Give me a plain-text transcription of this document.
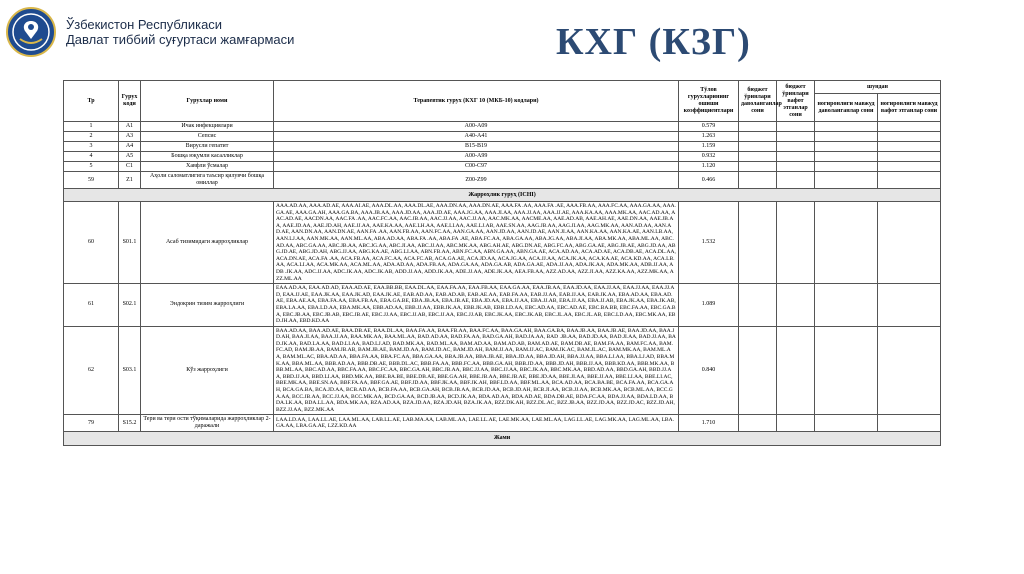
Ўзбекистон Республикаси
Давлат тиббий суғуртаси жамғармаси	КХГ (КЗГ)
Тр	Гурух коди	Гурухлар номи	Терапевтик гурух (КХГ 10 (МКБ-10) кодлари)	Тўлов гурухларининг ошиши коэффициентлари	бюджет ўринлари даволанганлар сони	бюджет ўринлари вафот этганлар сони	шундан	
							ногиронлиги мавжуд даволанганлар сони	ногиронлиги мавжуд вафот этганлар сони
1	A1	Ичак инфекциялари	A00-A09	0.579				
2	A3	Сепсис	A40-A41	1.263				
3	A4	Вирусли гепатит	B15-B19	1.159				
4	A5	Бошқа юқумли касалликлар	A00-A99	0.932				
5	C1	Хавфли ўсмалар	C00-C97	1.120				
59	Z1	Аҳоли саломатлигига таъсир қилувчи бошқа омиллар	Z00-Z99	0.466				
Жарроҳлик гуруҳ (ICHI)								
60	S01.1	Асаб тизимидаги жарроҳликлар	AAA.AD.AA, AAA.AD.AE, AAA.AI.AE, AAA.DL.AA, AAA.DL.AE, AAA.DN.AA, AAA.DN.AE, AAA.FA .AA, AAA.FA .AE, AAA.FB.AA, AAA.FC.AA, AAA.GA.AA, AAA.GA.AE, AAA.GA.AH, AAA.GA.BA, AAA.JB.AA, AAA.JD.AA, AAA.JD.AE, AAA.JG.AA, AAA.JI.AA, AAA.JJ.AA, AAA.JJ.AE, AAA.KA.AA, AAA.MK.AA, AAC.AD.AA, AAC.AD.AE, AACDN.AA, AAC.FA .AA, AAC.FC.AA, AAC.JB.AA, AAC.JJ.AA, AAC.JJ.AA, AAC.MK.AA, AACME.AA, AAE.AD.AB, AAE.AH.AE, AAE.DN.AA, AAE.JB.AA, AAE.JD.AA, AAE.JD.AH, AAE.JJ.AA, AAE.KA.AA, AAE.LH.AA, AAE.LI.AA, AAE.LJ.AB, AAE.SN.AA, AAG.JB.AA, AAG.JI.AA, AAG.MK.AA, AAN.AD.AA, AAN.AD.AE, AAN.DN.AA, AAN.DN.AE, AAN.FA .AA, AAN.FB.AA, AAN.FC.AA, AAN.GA.AA, AAN.JD.AA, AAN.JD.AE, AAN.JI.AA, AAN.KA.AA, AAN.KA.AE, AAN.LB.AA, AAN.LJ.AA, AAN.MK.AA, AAN.ML.AA, ABA.AD.AA, ABA.FA .AA, ABA.FA .AE, ABA.FC.AA, ABA.GA.AA, ABA.JG.AA, ABA.JI.AA, ABA.MK.AA, ABA.ML.AA, ABC.AD.AA, ABC.GA.AA, ABC.JB.AA, ABC.JG.AA, ABC.JI.AA, ABC.JJ.AA, ABC.MK.AA, ABG.AH.AE, ABG.DN.AE, ABG.FC.AA, ABG.GA.AE, ABG.JB.AE, ABG.JD.AA, ABG.JD.AE, ABG.JD.AH, ABG.JJ.AA, ABG.KA.AE, ABG.LI.AA, ABN.FB.AA, ABN.FC.AA, ABN.GA.AA, ABN.GA.AE, ACA.AD.AA, ACA.AD.AE, ACA.DB.AE, ACA.DL.AA, ACA.DN.AE, ACA.FA .AA, ACA.FB.AA, ACA.FC.AA, ACA.FC.AB, ACA.GA.AE, ACA.JD.AA, ACA.JG.AA, ACA.JJ.AA, ACA.JK.AA, ACA.KA.AE, ACA.KD.AA, ACA.LB.AA, ACA.LI.AA, ACA.MK.AA, ACA.ML.AA, ADA.AD.AA, ADA.FB.AA, ADA.GA.AA, ADA.GA.AB, ADA.GA.AE, ADA.JJ.AA, ADA.JK.AA, ADA.MK.AA, ADB.JJ.AA, ADB .JK.AA, ADC.JJ.AA, ADC.JK.AA, ADC.JK.AB, ADD.JJ.AA, ADD.JK.AA, ADE.JJ.AA, ADE.JK.AA, AEA.FB.AA, AZZ.AD.AA, AZZ.JI.AA, AZZ.KA.AA, AZZ.MK.AA, AZZ.ML.AA	1.532				
61	S02.1	Эндокрин тизим жарроҳлиги	EAA.AD.AA, EAA.AD.AD, EAA.AD.AE, EAA.BB.BB, EAA.DL.AA, EAA.FA.AA, EAA.FB.AA, EAA.GA.AA, EAA.JB.AA, EAA.JD.AA, EAA.JJ.AA, EAA.JJ.AA, EAA.JJ.AD, EAA.JJ.AE, EAA.JK.AA, EAA.JK.AD, EAA.JK.AE, EAB.AD.AA, EAB.AD.AB, EAB.AE.AA, EAB.FA.AA, EAB.JJ.AA, EAB.JJ.AA, EAB.JK.AA, EBA.AD.AA, EBA.AD.AE, EBA.AE.AA, EBA.FA.AA, EBA.FB.AA, EBA.GA.BE, EBA.JB.AA, EBA.JB.AE, EBA.JD.AA, EBA.JJ.AA, EBA.JJ.AB, EBA.JJ.AA, EBA.JJ.AB, EBA.JK.AA, EBA.JK.AB, EBA.LA.AA, EBA.LD.AA, EBA.MK.AA, EBB.AD.AA, EBB.JJ.AA, EBB.JK.AA, EBB.JK.AB, EBB.LD.AA, EBC.AD.AA, EBC.AD.AE, EBC.BA.BB, EBC.FA.AA, EBC.GA.BA, EBC.JB.AA, EBC.JB.AB, EBC.JB.AE, EBC.JJ.AA, EBC.JJ.AB, EBC.JJ.AA, EBC.JJ.AB, EBC.JK.AA, EBC.JK.AB, EBC.JL.AA, EBC.JL.AB, EBC.LD.AA, EBC.MK.AA, EBD.JH.AA, EBD.KD.AA	1.089				
62	S03.1	Кўз жарроҳлиги	BAA.AD.AA, BAA.AD.AE, BAA.DB.AE, BAA.DL.AA, BAA.FA.AA, BAA.FB.AA, BAA.FC.AA, BAA.GA.AH, BAA.GA.BA, BAA.JB.AA, BAA.JB.AE, BAA.JD.AA, BAA.JD.AH, BAA.JI.AA, BAA.JJ.AA, BAA.MK.AA, BAA.ML.AA, BAD.AD.AA, BAD.FA.AA, BAD.GA.AH, BAD.JA.AA, BAD .JB.AA, BAD.JD.AA, BAD.JI.AA, BAD.JJ.AA, BAD.JK.AA, BAD.LA.AA, BAD.LI.AA, BAD.LJ.AD, BAD.MK.AA, BAD.ML.AA, BAM.AD.AA, BAM.AD.AB, BAM.AD.AE, BAM.DB.AE, BAM.FA.AA, BAM.FC.AA, BAM.FC.AD, BAM.JB.AA, BAM.JB.AB, BAM.JB.AE, BAM.JD.AA, BAM.JD.AC, BAM.JD.AH, BAM.JJ.AA, BAM.JJ.AC, BAM.JK.AC, BAM.JL.AC, BAM.MK.AA, BAM.ML.AA, BAM.ML.AC, BBA.AD.AA, BBA.FA.AA, BBA.FC.AA, BBA.GA.AA, BBA.JB.AA, BBA.JB.AE, BBA.JD.AA, BBA.JD.AH, BBA.JJ.AA, BBA.LJ.AA, BBA.LJ.AD, BBA.MK.AA, BBA.ML.AA, BBB.AD.AA, BBB.DB.AE, BBB.DL.AC, BBB.FA.AA, BBB.FC.AA, BBB.GA.AH, BBB.JD.AA, BBB.JD.AH, BBB.JJ.AA, BBB.KD.AA, BBB.MK.AA, BBB.ML.AA, BBC.AD.AA, BBC.FA.AA, BBC.FC.AA, BBC.GA.AH, BBC.JB.AA, BBC.JJ.AA, BBC.JJ.AA, BBC.JK.AA, BBC.MK.AA, BBD.AD.AA, BBD.GA.AH, BBD.JJ.AA, BBD.JJ.AA, BBD.LI.AA, BBD.MK.AA, BBE.BA.BE, BBE.DB.AE, BBE.GA.AH, BBE.JB.AA, BBE.JB.AE, BBE.JD.AA, BBE.JI.AA, BBE.JJ.AA, BBE.LI.AA, BBE.LI.AC, BBE.MK.AA, BBE.SN.AA, BBF.FA.AA, BBF.GA.AE, BBF.JD.AA, BBF.JK.AA, BBF.JK.AH, BBF.LD.AA, BBF.ML.AA, BCA.AD.AA, BCA.BA.BE, BCA.FA.AA, BCA.GA.AH, BCA.GA.BA, BCA.JD.AA, BCB.AD.AA, BCB.FA.AA, BCB.GA.AH, BCB.JB.AA, BCB.JD.AA, BCB.JD.AH, BCB.JI.AA, BCB.JJ.AA, BCB.MK.AA, BCB.ML.AA, BCC.GA.AA, BCC.JB.AA, BCC.JJ.AA, BCC.MK.AA, BCD.GA.AA, BCD.JB.AA, BCD.JK.AA, BDA.AD.AA, BDA.AD.AE, BDA.DB.AE, BDA.FC.AA, BDA.JJ.AA, BDA.LD.AA, BDA.LK.AA, BDA.LL.AA, BDA.MK.AA, BZA.AD.AA, BZA.JD.AA, BZA.JD.AH, BZA.JK.AA, BZZ.DK.AH, BZZ.DL.AC, BZZ.JB.AA, BZZ.JD.AA, BZZ.JD.AC, BZZ.JD.AH, BZZ.JJ.AA, BZZ.MK.AA	0.840				
79	S15.2	Тери ва тери ости тўқималарида жарроҳликлар 2-даражали	LAA.LD.AA, LAA.LL.AE, LAA.ML.AA, LAB.LL.AE, LAB.MA.AA, LAB.ML.AA, LAE.LL.AE, LAE.MK.AA, LAE.ML.AA, LAG.LL.AE, LAG.MK.AA, LAG.ML.AA, LBA.GA.AA, LBA.GA.AE, LZZ.KD.AA	1.710				
Жами								
